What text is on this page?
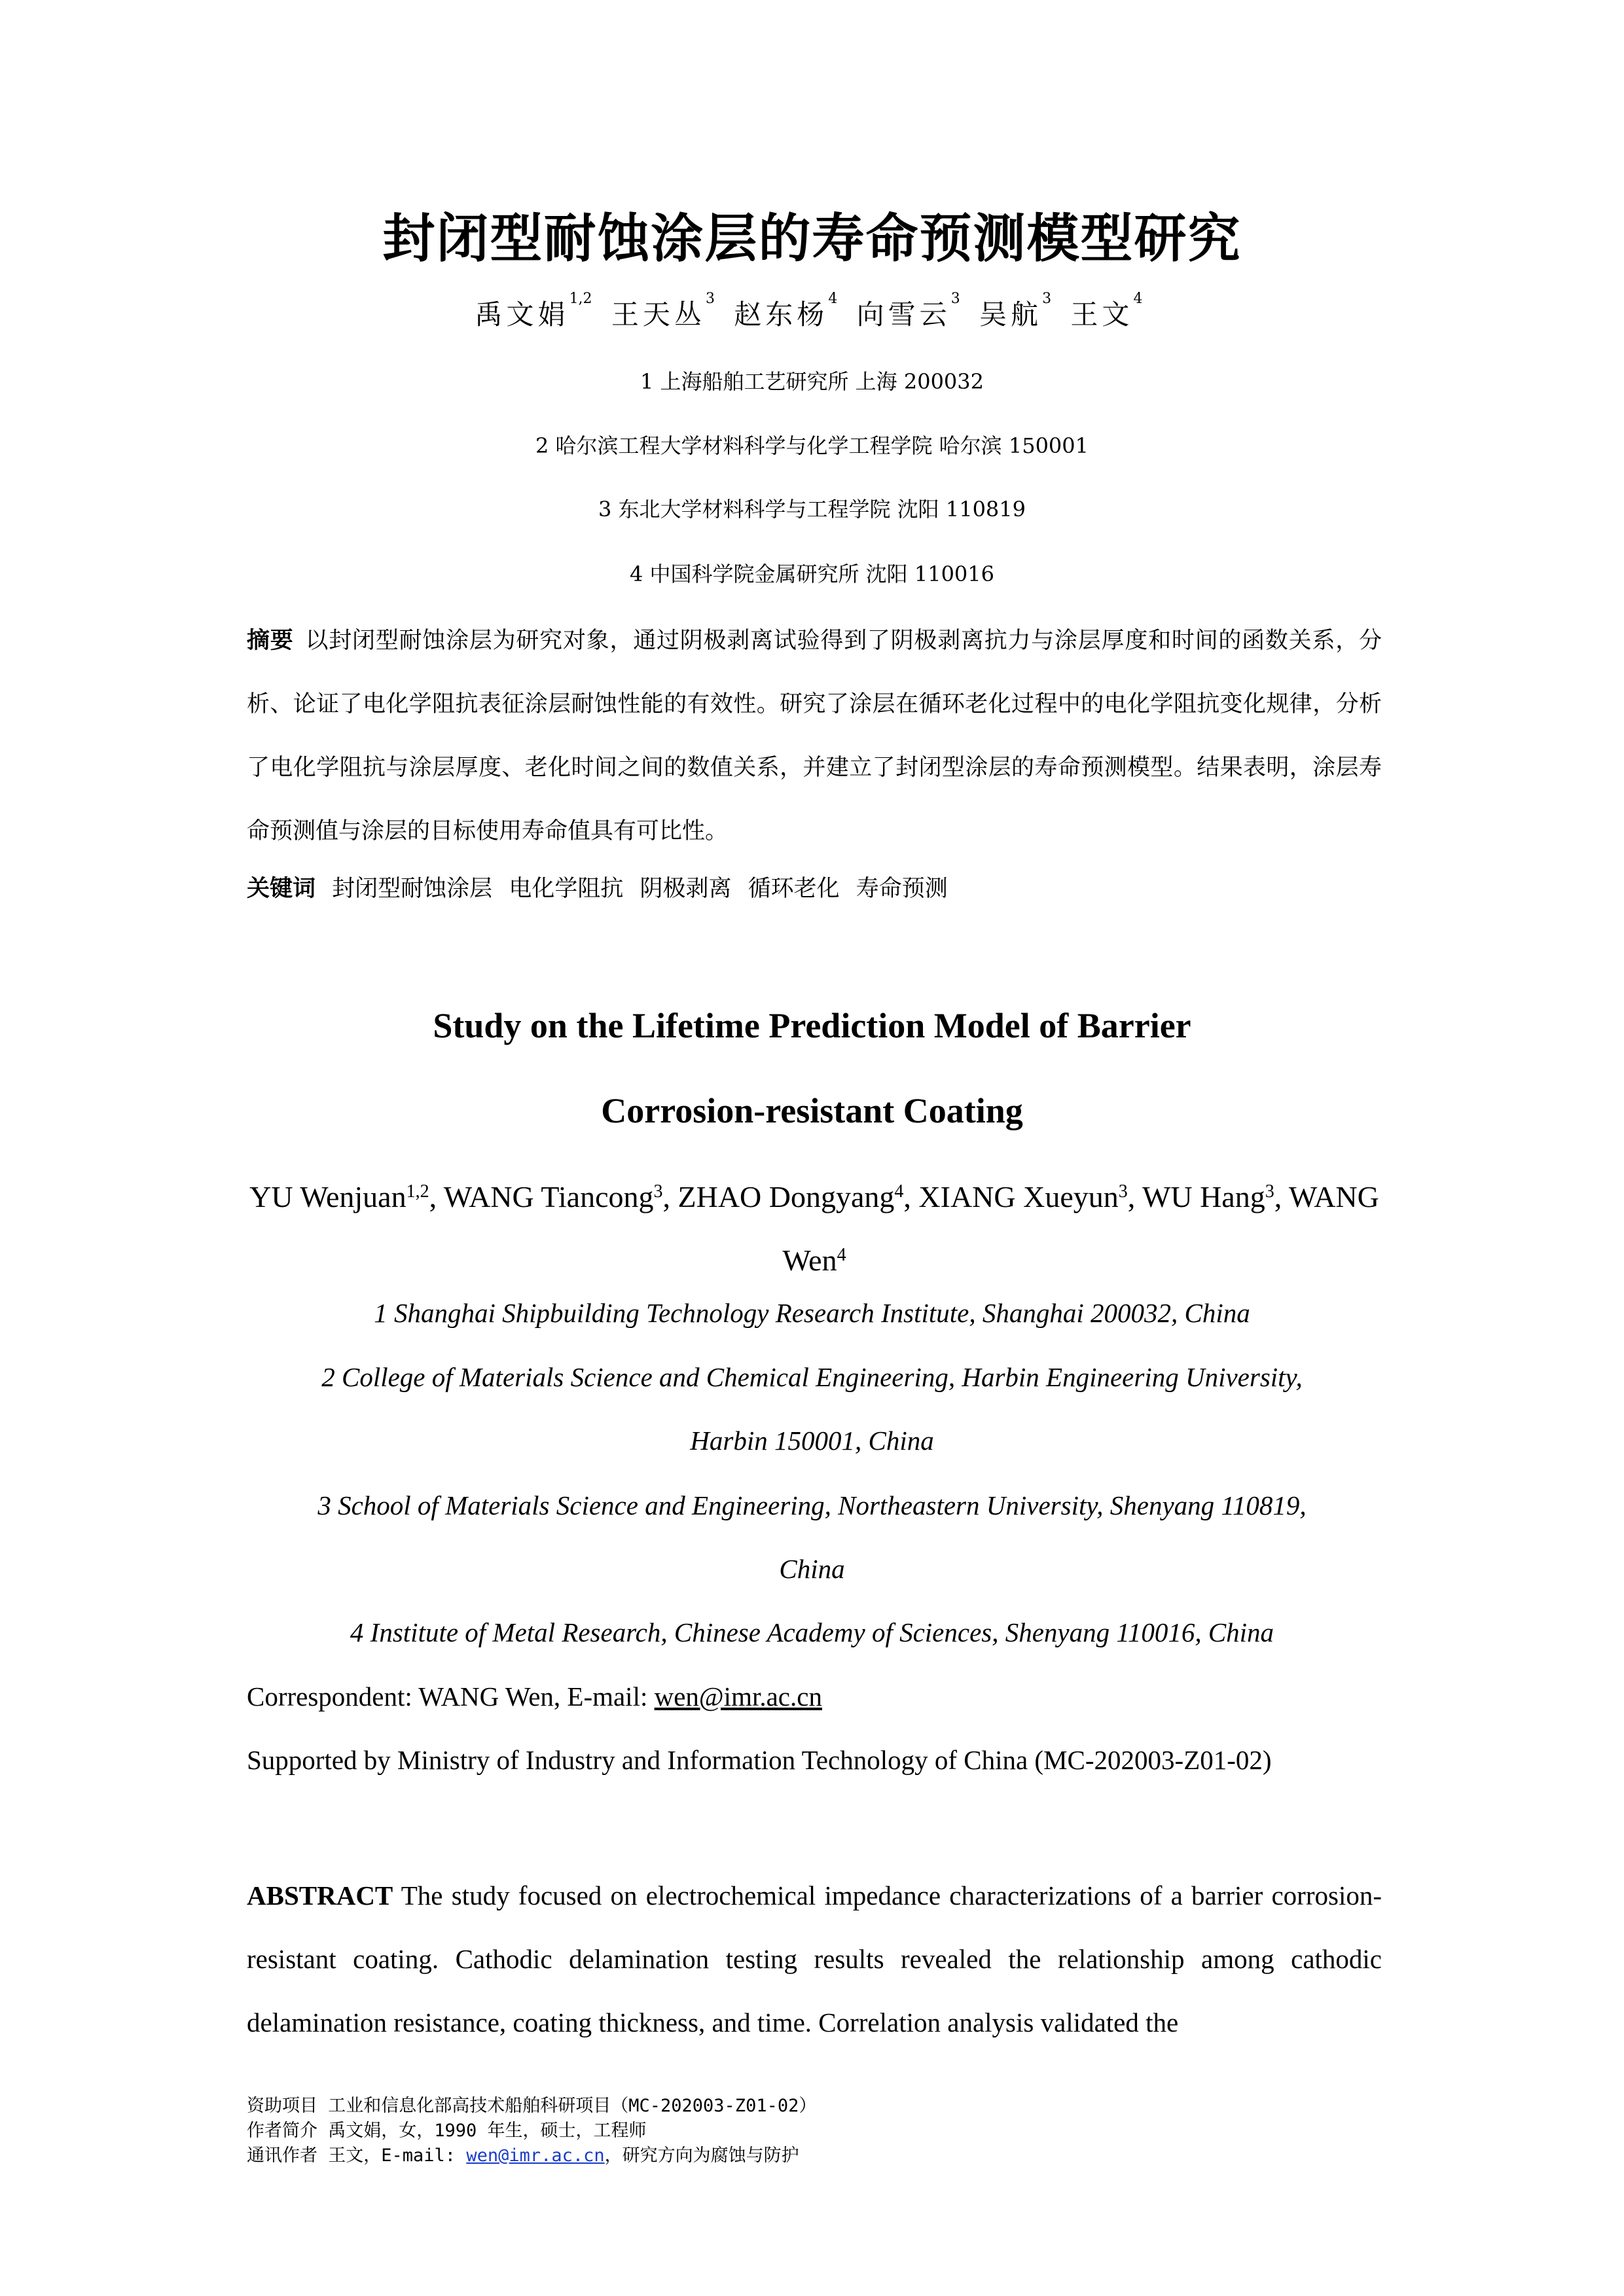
封闭型耐蚀涂层的寿命预测模型研究
禹文娟$^{1,2}$ 王天丛$^3$ 赵东杨$^4$ 向雪云$^3$ 吴航$^3$ 王文$^4$
1 上海船舶工艺研究所 上海 200032
2 哈尔滨工程大学材料科学与化学工程学院 哈尔滨 150001
3 东北大学材料科学与工程学院 沈阳 110819
4 中国科学院金属研究所 沈阳 110016
摘要 以封闭型耐蚀涂层为研究对象，通过阴极剥离试验得到了阴极剥离抗力与涂层厚度和时间的函数关系，分析、论证了电化学阻抗表征涂层耐蚀性能的有效性。研究了涂层在循环老化过程中的电化学阻抗变化规律，分析了电化学阻抗与涂层厚度、老化时间之间的数值关系，并建立了封闭型涂层的寿命预测模型。结果表明，涂层寿命预测值与涂层的目标使用寿命值具有可比性。
关键词 封闭型耐蚀涂层 电化学阻抗 阴极剥离 循环老化 寿命预测
Study on the Lifetime Prediction Model of Barrier
Corrosion-resistant Coating
YU Wenjuan$^{1,2}$, WANG Tiancong$^3$, ZHAO Dongyang$^4$, XIANG Xueyun$^3$, WU Hang$^3$, WANG Wen$^4$
1 Shanghai Shipbuilding Technology Research Institute, Shanghai 200032, China
2 College of Materials Science and Chemical Engineering, Harbin Engineering University,
Harbin 150001, China
3 School of Materials Science and Engineering, Northeastern University, Shenyang 110819,
China
4 Institute of Metal Research, Chinese Academy of Sciences, Shenyang 110016, China
Correspondent: WANG Wen, E-mail: wen@imr.ac.cn
Supported by Ministry of Industry and Information Technology of China (MC-202003-Z01-02)
ABSTRACT The study focused on electrochemical impedance characterizations of a barrier corrosion-resistant coating. Cathodic delamination testing results revealed the relationship among cathodic delamination resistance, coating thickness, and time. Correlation analysis validated the
资助项目 工业和信息化部高技术船舶科研项目（MC-202003-Z01-02）
作者简介 禹文娟，女，1990 年生，硕士，工程师
通讯作者 王文，E-mail: wen@imr.ac.cn，研究方向为腐蚀与防护
